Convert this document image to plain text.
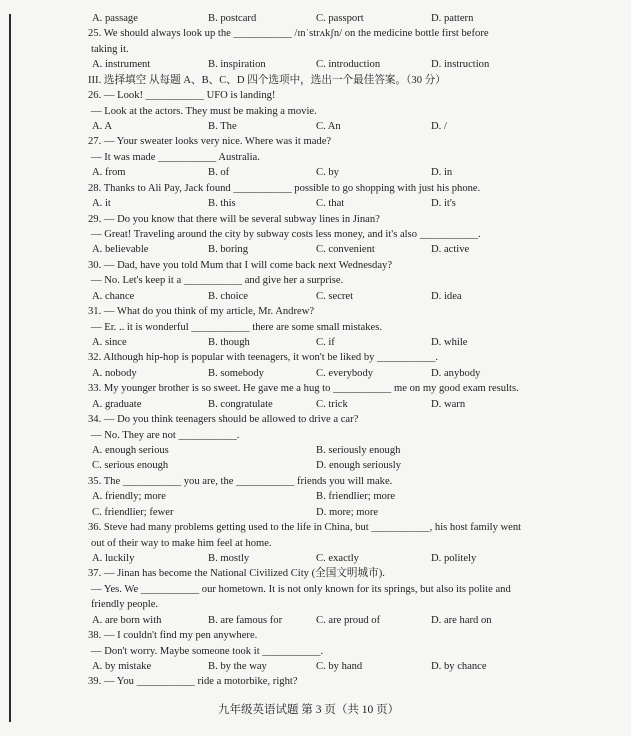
A. passage	B. postcard	C. passport	D. pattern
25. We should always look up the ___________ /ɪnˈstrʌkʃn/ on the medicine bottle first before
taking it.
A. instrument	B. inspiration	C. introduction	D. instruction
III. 选择填空 从每题 A、B、C、D 四个选项中，选出一个最佳答案。（30 分）
26. — Look! ___________ UFO is landing!
— Look at the actors. They must be making a movie.
A. A	B. The	C. An	D. /
27. — Your sweater looks very nice. Where was it made?
— It was made ___________ Australia.
A. from	B. of	C. by	D. in
28. Thanks to Ali Pay, Jack found ___________ possible to go shopping with just his phone.
A. it	B. this	C. that	D. it's
29. — Do you know that there will be several subway lines in Jinan?
— Great! Traveling around the city by subway costs less money, and it's also ___________.
A. believable	B. boring	C. convenient	D. active
30. — Dad, have you told Mum that I will come back next Wednesday?
— No. Let's keep it a ___________ and give her a surprise.
A. chance	B. choice	C. secret	D. idea
31. — What do you think of my article, Mr. Andrew?
— Er. .. it is wonderful ___________ there are some small mistakes.
A. since	B. though	C. if	D. while
32. Although hip-hop is popular with teenagers, it won't be liked by ___________.
A. nobody	B. somebody	C. everybody	D. anybody
33. My younger brother is so sweet. He gave me a hug to ___________ me on my good exam results.
A. graduate	B. congratulate	C. trick	D. warn
34. — Do you think teenagers should be allowed to drive a car?
— No. They are not ___________.
A. enough serious	B. seriously enough
C. serious enough	D. enough seriously
35. The ___________ you are, the ___________ friends you will make.
A. friendly; more	B. friendlier; more
C. friendlier; fewer	D. more; more
36. Steve had many problems getting used to the life in China, but ___________, his host family went
out of their way to make him feel at home.
A. luckily	B. mostly	C. exactly	D. politely
37. — Jinan has become the National Civilized City (全国文明城市).
— Yes. We ___________ our hometown. It is not only known for its springs, but also its polite and
friendly people.
A. are born with	B. are famous for	C. are proud of	D. are hard on
38. — I couldn't find my pen anywhere.
— Don't worry. Maybe someone took it ___________.
A. by mistake	B. by the way	C. by hand	D. by chance
39. — You ___________ ride a motorbike, right?
九年级英语试题 第 3 页（共 10 页）
